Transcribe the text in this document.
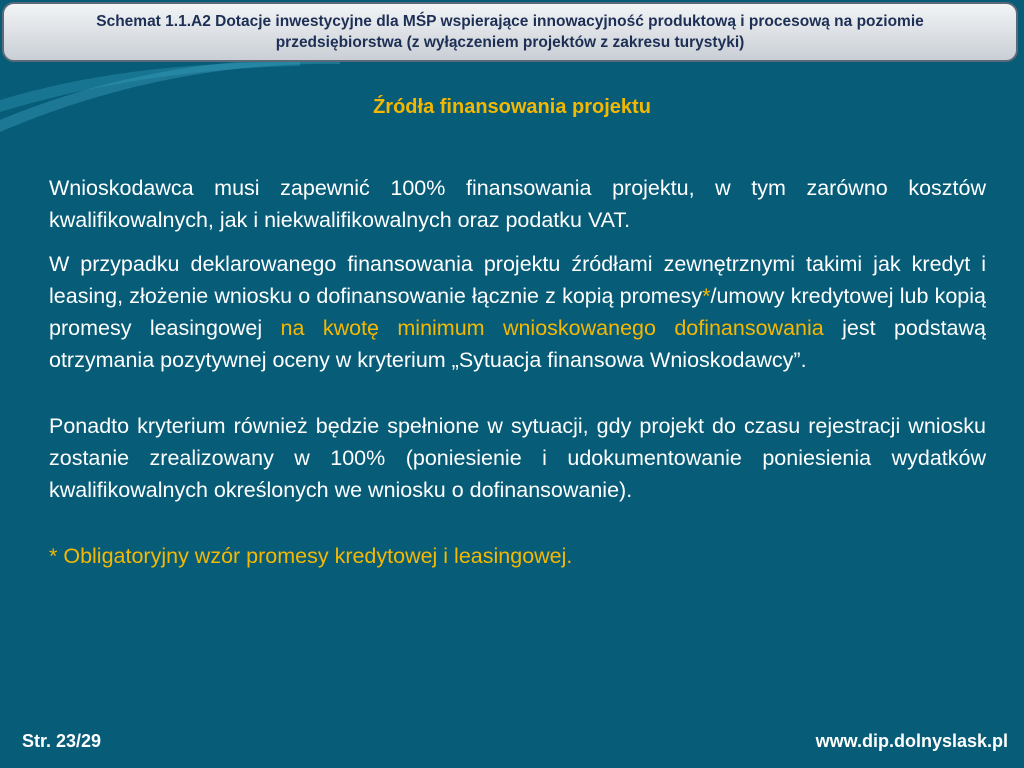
Schemat 1.1.A2 Dotacje inwestycyjne dla MŚP wspierające innowacyjność produktową i procesową na poziomie przedsiębiorstwa (z wyłączeniem projektów z zakresu turystyki)
Źródła finansowania projektu

Wnioskodawca musi zapewnić 100% finansowania projektu, w tym zarówno kosztów kwalifikowalnych, jak i niekwalifikowalnych oraz podatku VAT.

W przypadku deklarowanego finansowania projektu źródłami zewnętrznymi takimi jak kredyt i leasing, złożenie wniosku o dofinansowanie łącznie z kopią promesy*/umowy kredytowej lub kopią promesy leasingowej na kwotę minimum wnioskowanego dofinansowania jest podstawą otrzymania pozytywnej oceny w kryterium „Sytuacja finansowa Wnioskodawcy”.

Ponadto kryterium również będzie spełnione w sytuacji, gdy projekt do czasu rejestracji wniosku zostanie zrealizowany w 100% (poniesienie i udokumentowanie poniesienia wydatków kwalifikowalnych określonych we wniosku o dofinansowanie).

* Obligatoryjny wzór promesy kredytowej i leasingowej.

Str. 23/29	www.dip.dolnyslask.pl
